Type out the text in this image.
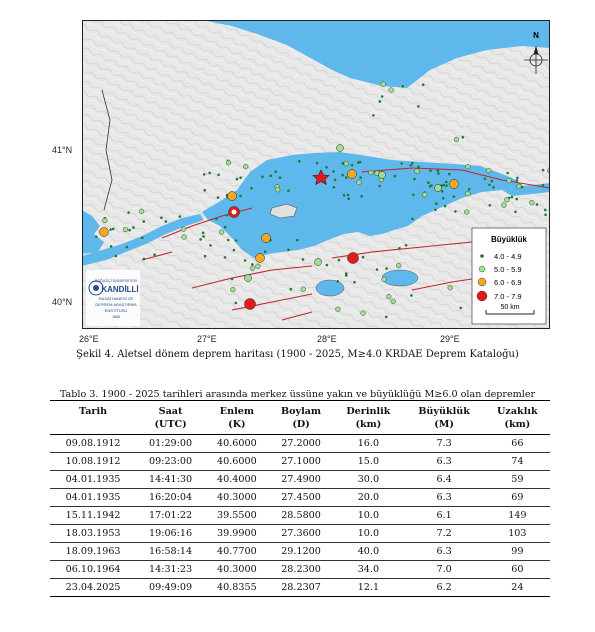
N
Büyüklük
4.0 - 4.9
5.0 - 5.9
6.0 - 6.9
7.0 - 7.9
50 km
BOĞAZİÇİ ÜNİVERSİTESİ
KANDİLLİ
RASATHANESİ VE
DEPREM ARAŞTIRMA
ENSTİTÜSÜ
1868
41°N
40°N
26°E	27°E	28°E	29°E
Şekil 4. Aletsel dönem deprem haritası (1900 - 2025, M≥4.0 KRDAE Deprem Kataloğu)
Tablo 3. 1900 - 2025 tarihleri arasında merkez üssüne yakın ve büyüklüğü M≥6.0 olan depremler
Tarih	Saat	Enlem	Boylam	Derinlik	Büyüklük	Uzaklık
	(UTC)	(K)	(D)	(km)	(M)	(km)
09.08.1912	01:29:00	40.6000	27.2000	16.0	7.3	66
10.08.1912	09:23:00	40.6000	27.1000	15.0	6.3	74
04.01.1935	14:41:30	40.4000	27.4900	30.0	6.4	59
04.01.1935	16:20:04	40.3000	27.4500	20.0	6.3	69
15.11.1942	17:01:22	39.5500	28.5800	10.0	6.1	149
18.03.1953	19:06:16	39.9900	27.3600	10.0	7.2	103
18.09.1963	16:58:14	40.7700	29.1200	40.0	6.3	99
06.10.1964	14:31:23	40.3000	28.2300	34.0	7.0	60
23.04.2025	09:49:09	40.8355	28.2307	12.1	6.2	24
